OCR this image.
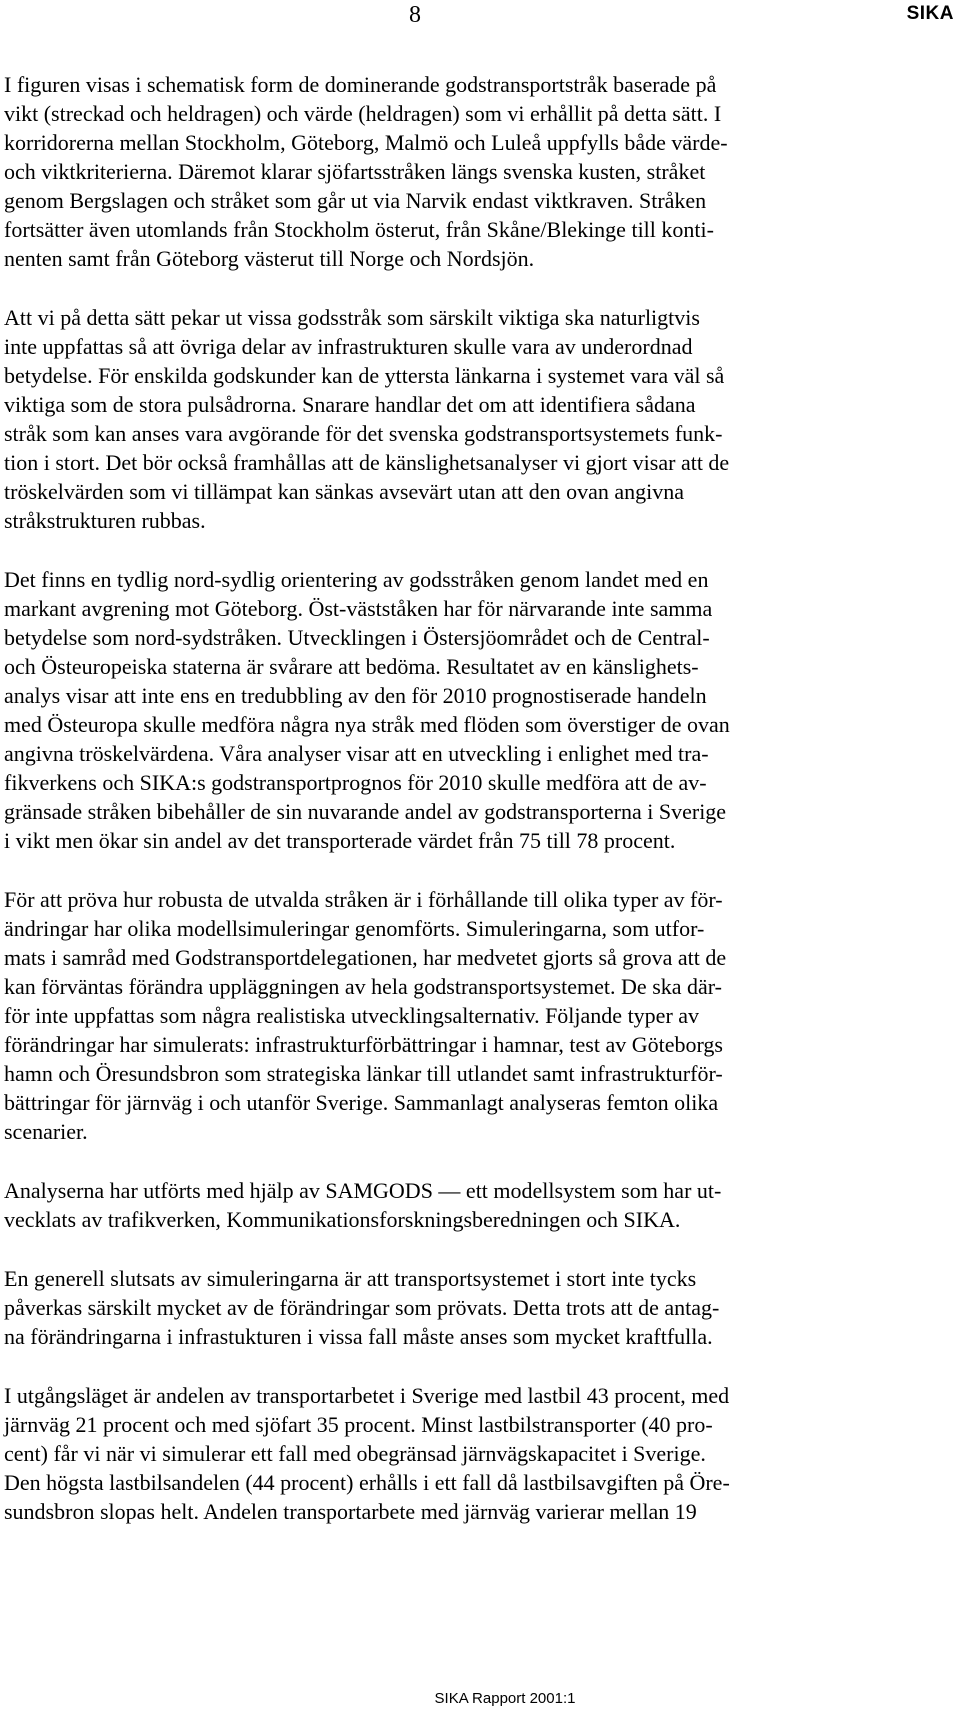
8	SIKA
I figuren visas i schematisk form de dominerande godstransportstråk baserade på
vikt (streckad och heldragen) och värde (heldragen) som vi erhållit på detta sätt. I
korridorerna mellan Stockholm, Göteborg, Malmö och Luleå uppfylls både värde-
och viktkriterierna. Däremot klarar sjöfartsstråken längs svenska kusten, stråket
genom Bergslagen och stråket som går ut via Narvik endast viktkraven. Stråken
fortsätter även utomlands från Stockholm österut, från Skåne/Blekinge till konti-
nenten samt från Göteborg västerut till Norge och Nordsjön.
Att vi på detta sätt pekar ut vissa godsstråk som särskilt viktiga ska naturligtvis
inte uppfattas så att övriga delar av infrastrukturen skulle vara av underordnad
betydelse. För enskilda godskunder kan de yttersta länkarna i systemet vara väl så
viktiga som de stora pulsådrorna. Snarare handlar det om att identifiera sådana
stråk som kan anses vara avgörande för det svenska godstransportsystemets funk-
tion i stort. Det bör också framhållas att de känslighetsanalyser vi gjort visar att de
tröskelvärden som vi tillämpat kan sänkas avsevärt utan att den ovan angivna
stråkstrukturen rubbas.
Det finns en tydlig nord-sydlig orientering av godsstråken genom landet med en
markant avgrening mot Göteborg. Öst-västståken har för närvarande inte samma
betydelse som nord-sydstråken. Utvecklingen i Östersjöområdet och de Central-
och Östeuropeiska staterna är svårare att bedöma. Resultatet av en känslighets-
analys visar att inte ens en tredubbling av den för 2010 prognostiserade handeln
med Östeuropa skulle medföra några nya stråk med flöden som överstiger de ovan
angivna tröskelvärdena. Våra analyser visar att en utveckling i enlighet med tra-
fikverkens och SIKA:s godstransportprognos för 2010 skulle medföra att de av-
gränsade stråken bibehåller de sin nuvarande andel av godstransporterna i Sverige
i vikt men ökar sin andel av det transporterade värdet från 75 till 78 procent.
För att pröva hur robusta de utvalda stråken är i förhållande till olika typer av för-
ändringar har olika modellsimuleringar genomförts. Simuleringarna, som utfor-
mats i samråd med Godstransportdelegationen, har medvetet gjorts så grova att de
kan förväntas förändra uppläggningen av hela godstransportsystemet. De ska där-
för inte uppfattas som några realistiska utvecklingsalternativ. Följande typer av
förändringar har simulerats: infrastrukturförbättringar i hamnar, test av Göteborgs
hamn och Öresundsbron som strategiska länkar till utlandet samt infrastrukturför-
bättringar för järnväg i och utanför Sverige. Sammanlagt analyseras femton olika
scenarier.
Analyserna har utförts med hjälp av SAMGODS — ett modellsystem som har ut-
vecklats av trafikverken, Kommunikationsforskningsberedningen och SIKA.
En generell slutsats av simuleringarna är att transportsystemet i stort inte tycks
påverkas särskilt mycket av de förändringar som prövats. Detta trots att de antag-
na förändringarna i infrastukturen i vissa fall måste anses som mycket kraftfulla.
I utgångsläget är andelen av transportarbetet i Sverige med lastbil 43 procent, med
järnväg 21 procent och med sjöfart 35 procent. Minst lastbilstransporter (40 pro-
cent) får vi när vi simulerar ett fall med obegränsad järnvägskapacitet i Sverige.
Den högsta lastbilsandelen (44 procent) erhålls i ett fall då lastbilsavgiften på Öre-
sundsbron slopas helt. Andelen transportarbete med järnväg varierar mellan 19
SIKA Rapport 2001:1
